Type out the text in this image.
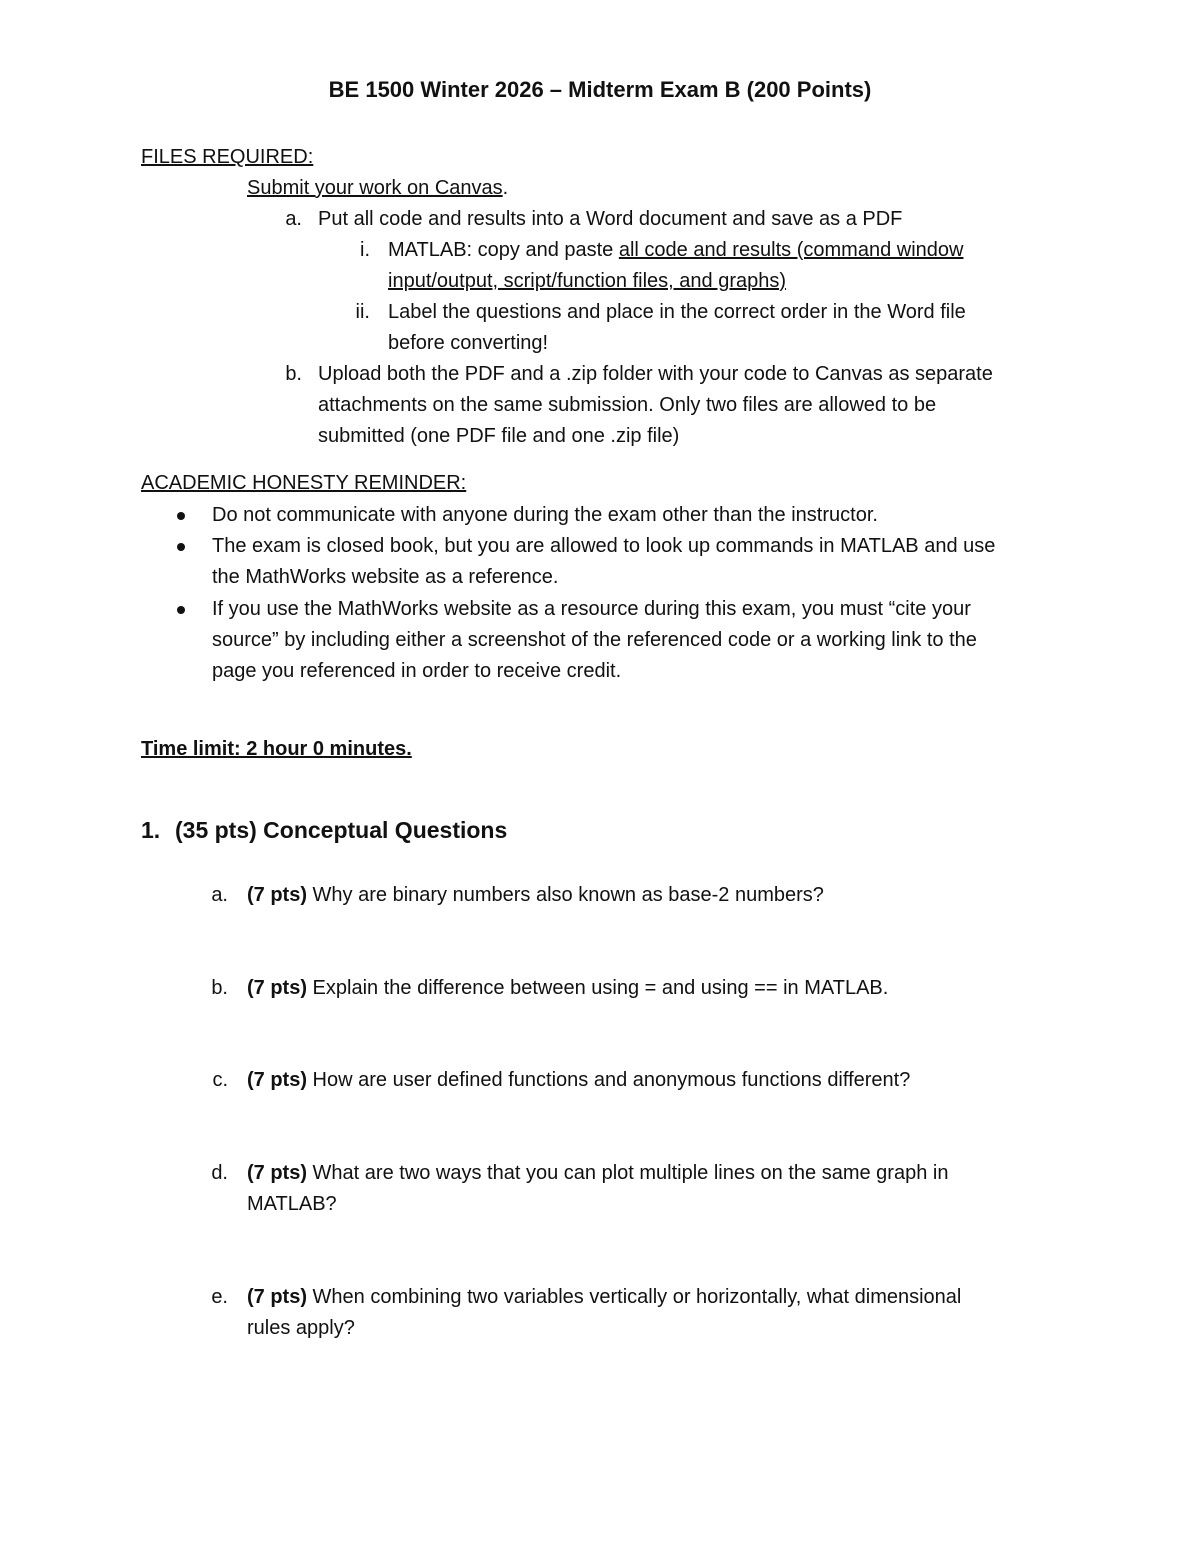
BE 1500 Winter 2026 – Midterm Exam B (200 Points)
FILES REQUIRED:
Submit your work on Canvas.
a. Put all code and results into a Word document and save as a PDF
i. MATLAB: copy and paste all code and results (command window
input/output, script/function files, and graphs)
ii. Label the questions and place in the correct order in the Word file
before converting!
b. Upload both the PDF and a .zip folder with your code to Canvas as separate
attachments on the same submission. Only two files are allowed to be
submitted (one PDF file and one .zip file)
ACADEMIC HONESTY REMINDER:
Do not communicate with anyone during the exam other than the instructor.
The exam is closed book, but you are allowed to look up commands in MATLAB and use
the MathWorks website as a reference.
If you use the MathWorks website as a resource during this exam, you must “cite your
source” by including either a screenshot of the referenced code or a working link to the
page you referenced in order to receive credit.
Time limit: 2 hour 0 minutes.
1. (35 pts) Conceptual Questions
a. (7 pts) Why are binary numbers also known as base-2 numbers?
b. (7 pts) Explain the difference between using = and using == in MATLAB.
c. (7 pts) How are user defined functions and anonymous functions different?
d. (7 pts) What are two ways that you can plot multiple lines on the same graph in
MATLAB?
e. (7 pts) When combining two variables vertically or horizontally, what dimensional
rules apply?
